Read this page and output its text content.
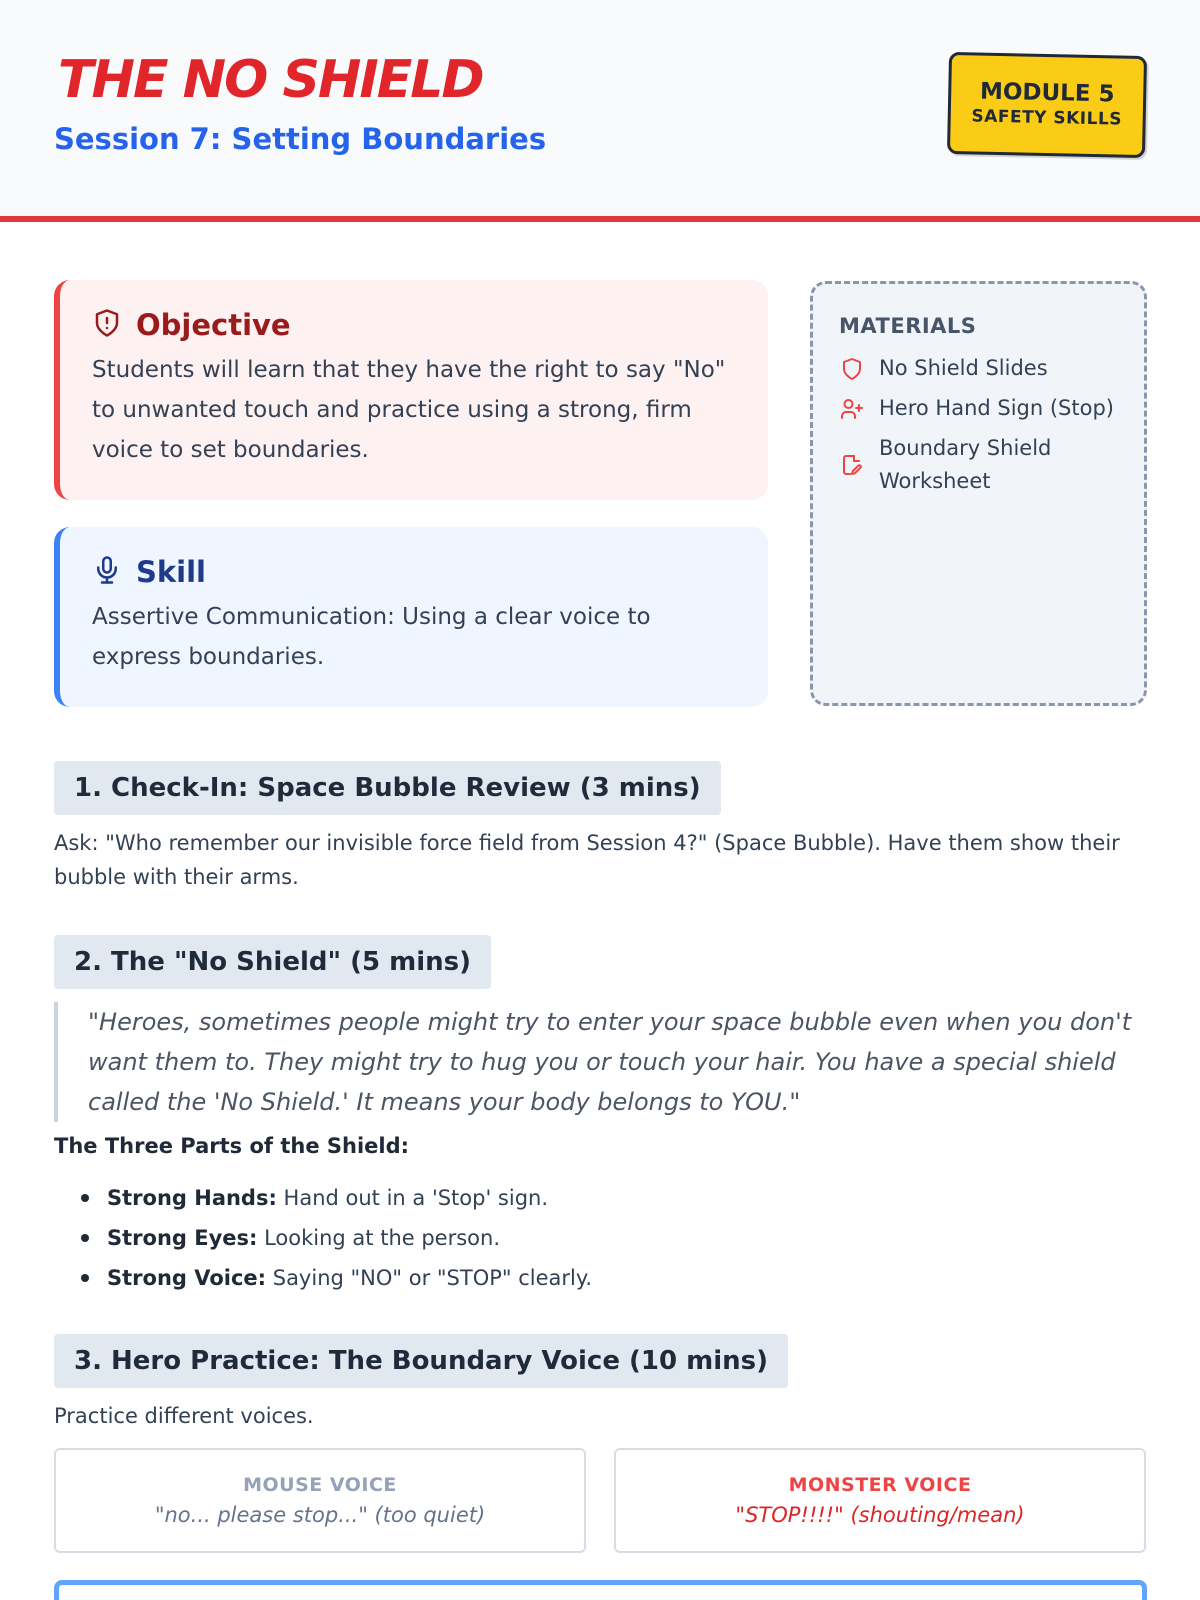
THE NO SHIELD
Session 7: Setting Boundaries
MODULE 5
SAFETY SKILLS
Objective
Students will learn that they have the right to say "No" to unwanted touch and practice using a strong, firm voice to set boundaries.
Skill
Assertive Communication: Using a clear voice to express boundaries.
MATERIALS
No Shield Slides
Hero Hand Sign (Stop)
Boundary Shield Worksheet
1. Check-In: Space Bubble Review (3 mins)
Ask: "Who remember our invisible force field from Session 4?" (Space Bubble). Have them show their bubble with their arms.
2. The "No Shield" (5 mins)
"Heroes, sometimes people might try to enter your space bubble even when you don't want them to. They might try to hug you or touch your hair. You have a special shield called the 'No Shield.' It means your body belongs to YOU."
The Three Parts of the Shield:
Strong Hands: Hand out in a 'Stop' sign.
Strong Eyes: Looking at the person.
Strong Voice: Saying "NO" or "STOP" clearly.
3. Hero Practice: The Boundary Voice (10 mins)
Practice different voices.
MOUSE VOICE
"no... please stop..." (too quiet)
MONSTER VOICE
"STOP!!!!" (shouting/mean)
